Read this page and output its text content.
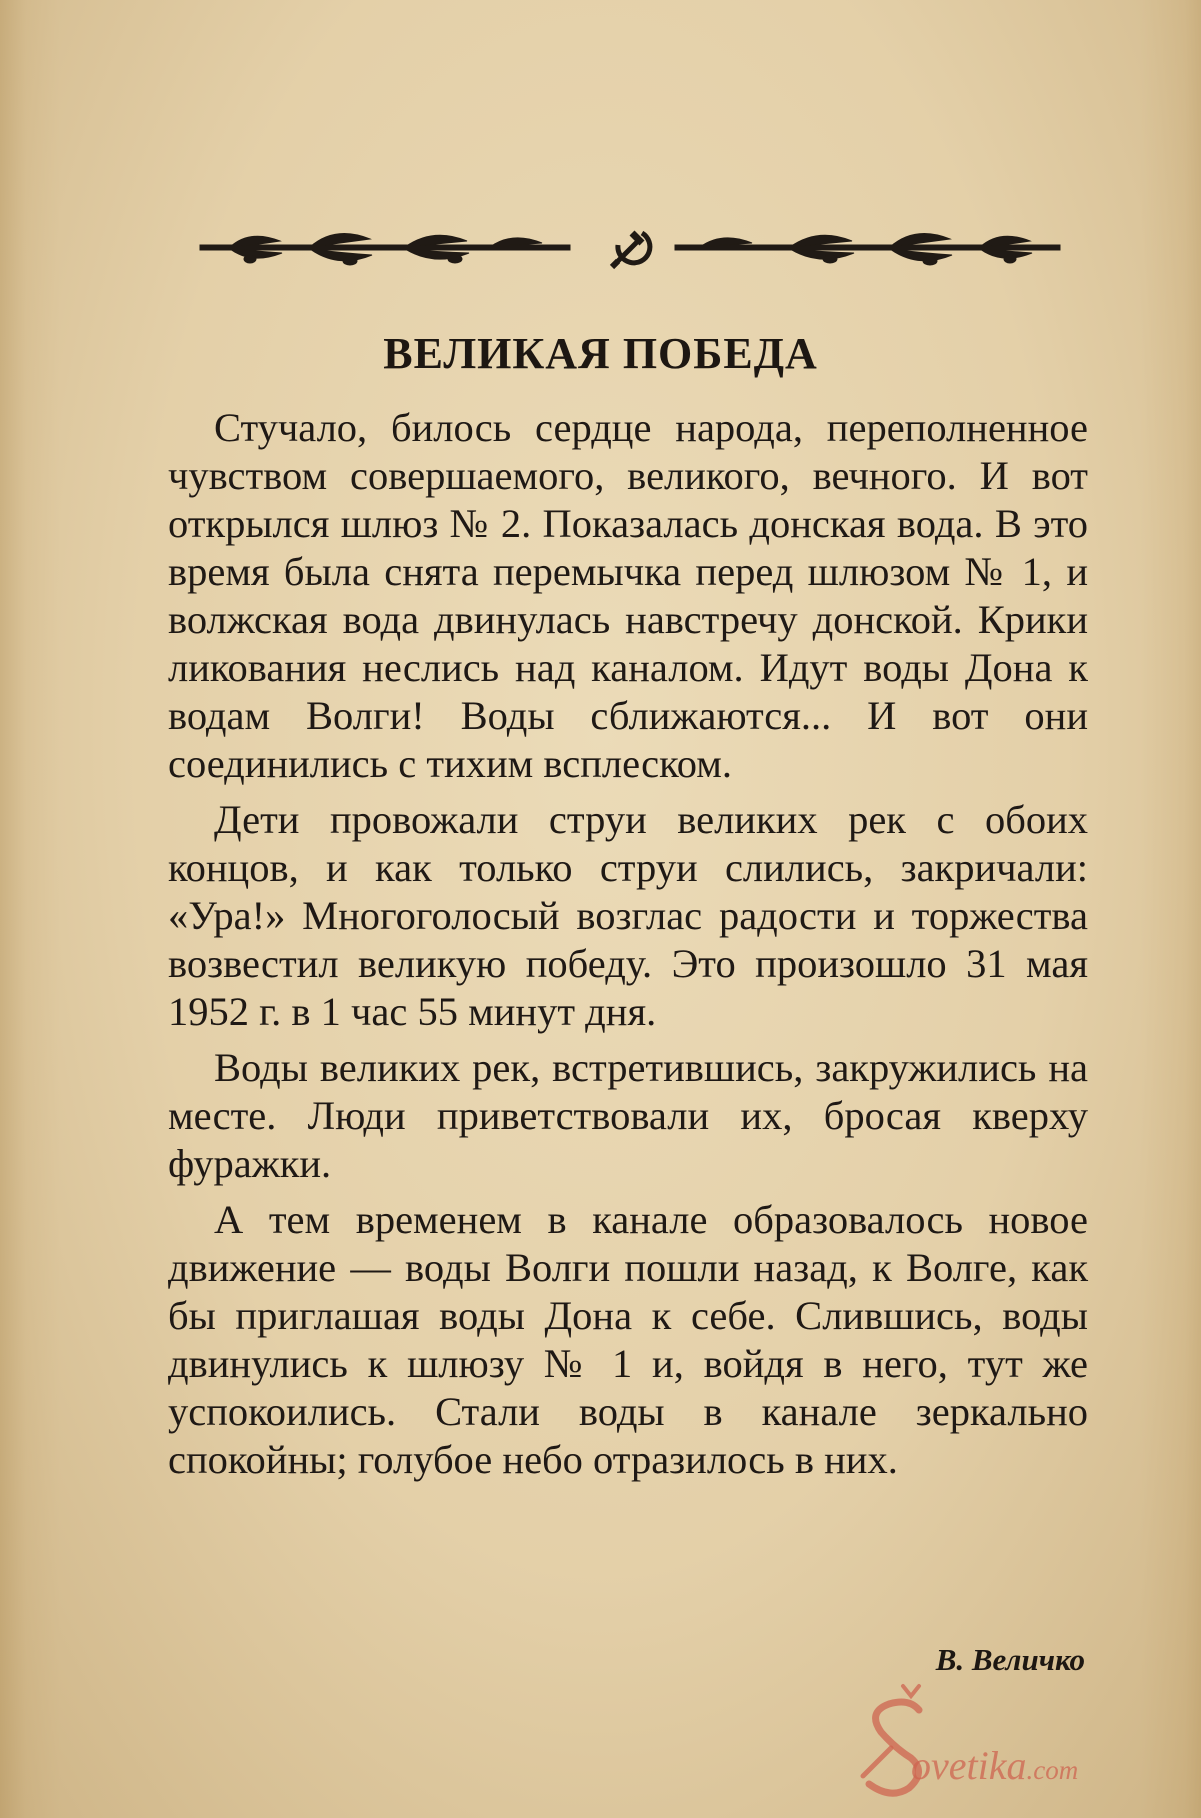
ВЕЛИКАЯ ПОБЕДА

Стучало, билось сердце народа, переполненное чувством совершаемого, великого, вечного. И вот открылся шлюз № 2. Показалась донская вода. В это время была снята перемычка перед шлюзом № 1, и волжская вода двинулась навстречу донской. Крики ликования неслись над каналом. Идут воды Дона к водам Волги! Воды сближаются... И вот они соединились с тихим всплеском.

Дети провожали струи великих рек с обоих концов, и как только струи слились, закричали: «Ура!» Многоголосый возглас радости и торжества возвестил великую победу. Это произошло 31 мая 1952 г. в 1 час 55 минут дня.

Воды великих рек, встретившись, закружились на месте. Люди приветствовали их, бросая кверху фуражки.

А тем временем в канале образовалось новое движение — воды Волги пошли назад, к Волге, как бы приглашая воды Дона к себе. Слившись, воды двинулись к шлюзу № 1 и, войдя в него, тут же успокоились. Стали воды в канале зеркально спокойны; голубое небо отразилось в них.

В. Величко
ovetika.com
